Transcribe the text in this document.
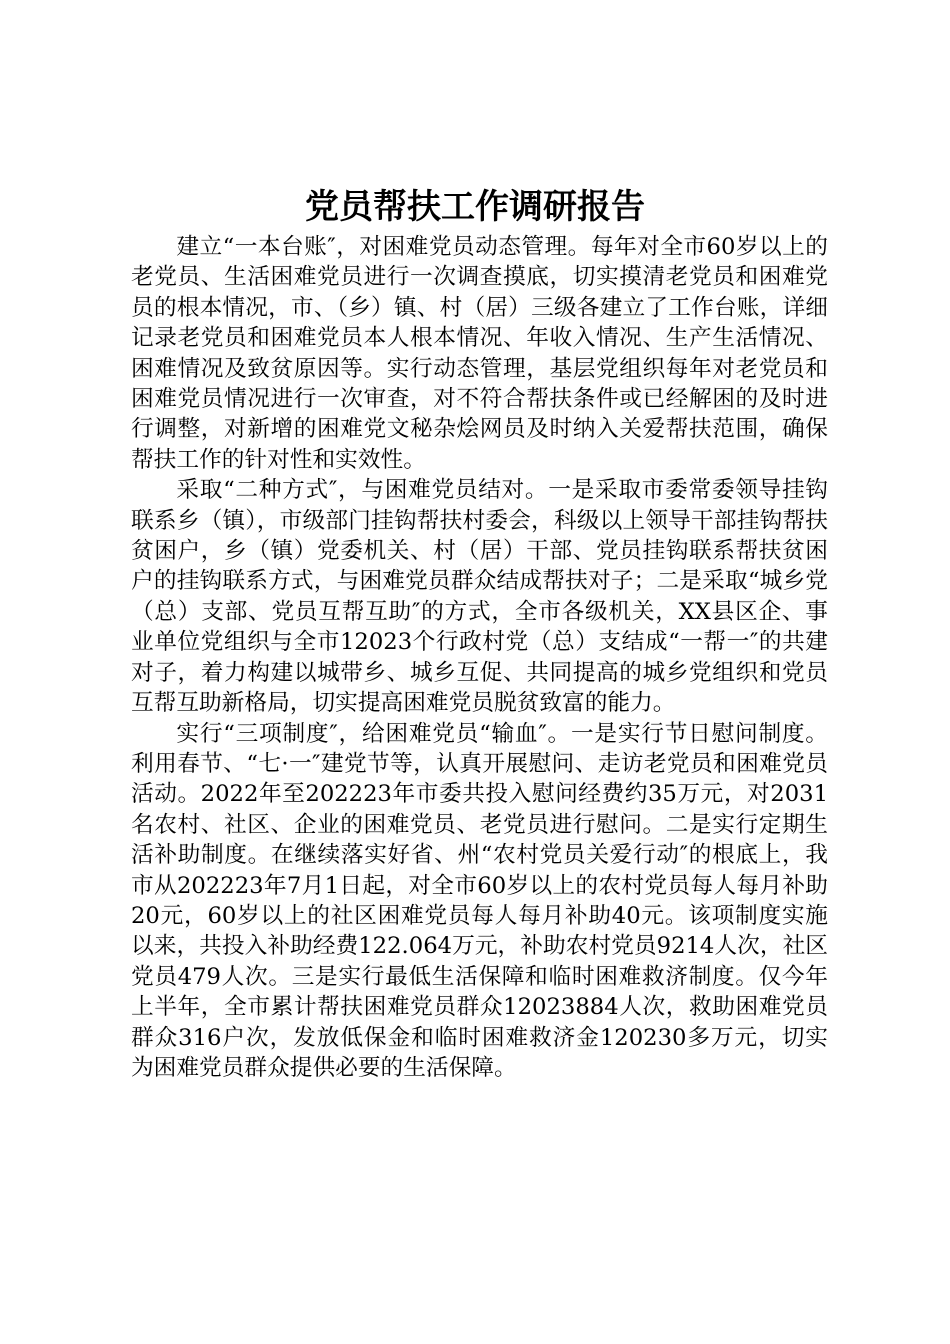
党员帮扶工作调研报告

建立“一本台账″，对困难党员动态管理。每年对全市60岁以上的老党员、生活困难党员进行一次调查摸底，切实摸清老党员和困难党员的根本情况，市、（乡）镇、村（居）三级各建立了工作台账，详细记录老党员和困难党员本人根本情况、年收入情况、生产生活情况、困难情况及致贫原因等。实行动态管理，基层党组织每年对老党员和困难党员情况进行一次审查，对不符合帮扶条件或已经解困的及时进行调整，对新增的困难党文秘杂烩网员及时纳入关爱帮扶范围，确保帮扶工作的针对性和实效性。

采取“二种方式″，与困难党员结对。一是采取市委常委领导挂钩联系乡（镇），市级部门挂钩帮扶村委会，科级以上领导干部挂钩帮扶贫困户，乡（镇）党委机关、村（居）干部、党员挂钩联系帮扶贫困户的挂钩联系方式，与困难党员群众结成帮扶对子；二是采取“城乡党（总）支部、党员互帮互助″的方式，全市各级机关，XX县区企、事业单位党组织与全市12023个行政村党（总）支结成“一帮一″的共建对子，着力构建以城带乡、城乡互促、共同提高的城乡党组织和党员互帮互助新格局，切实提高困难党员脱贫致富的能力。

实行“三项制度″，给困难党员“输血″。一是实行节日慰问制度。利用春节、“七·一″建党节等，认真开展慰问、走访老党员和困难党员活动。2022年至202223年市委共投入慰问经费约35万元，对2031名农村、社区、企业的困难党员、老党员进行慰问。二是实行定期生活补助制度。在继续落实好省、州“农村党员关爱行动″的根底上，我市从202223年7月1日起，对全市60岁以上的农村党员每人每月补助20元，60岁以上的社区困难党员每人每月补助40元。该项制度实施以来，共投入补助经费122.064万元，补助农村党员9214人次，社区党员479人次。三是实行最低生活保障和临时困难救济制度。仅今年上半年，全市累计帮扶困难党员群众12023884人次，救助困难党员群众316户次，发放低保金和临时困难救济金120230多万元，切实为困难党员群众提供必要的生活保障。
